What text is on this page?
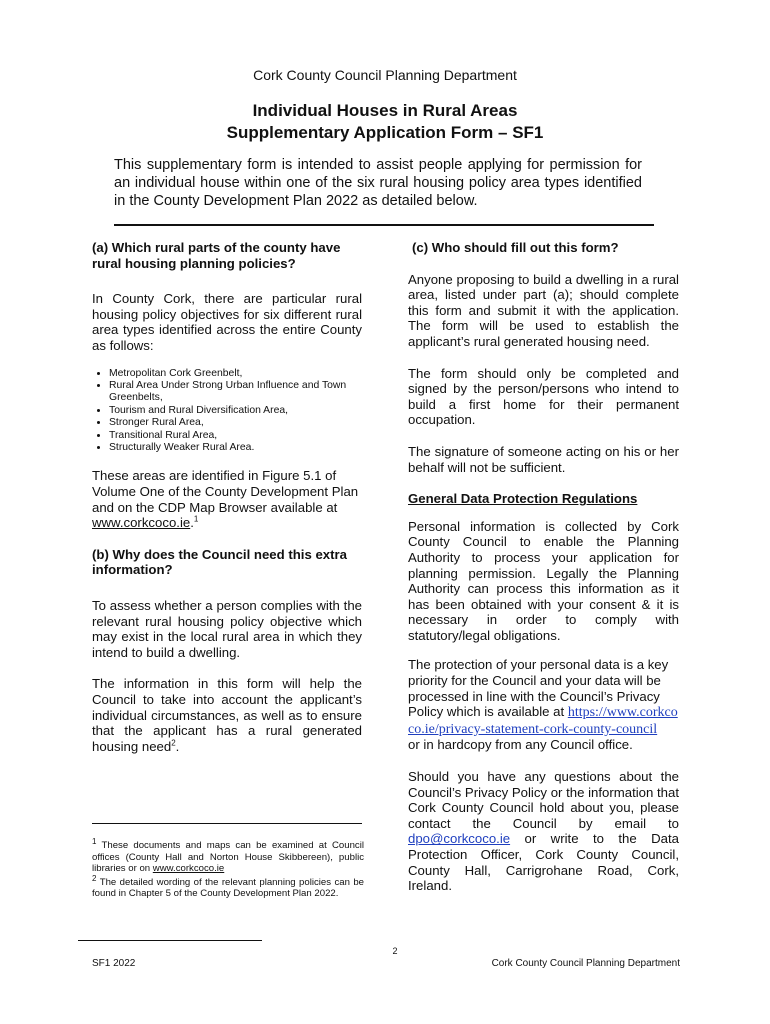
Cork County Council Planning Department
Individual Houses in Rural Areas
Supplementary Application Form – SF1
This supplementary form is intended to assist people applying for permission for an individual house within one of the six rural housing policy area types identified in the County Development Plan 2022 as detailed below.

(a) Which rural parts of the county have rural housing planning policies?

In County Cork, there are particular rural housing policy objectives for six different rural area types identified across the entire County as follows:

• Metropolitan Cork Greenbelt,
• Rural Area Under Strong Urban Influence and Town Greenbelts,
• Tourism and Rural Diversification Area,
• Stronger Rural Area,
• Transitional Rural Area,
• Structurally Weaker Rural Area.

These areas are identified in Figure 5.1 of Volume One of the County Development Plan and on the CDP Map Browser available at www.corkcoco.ie.$^1$

(b) Why does the Council need this extra information?

To assess whether a person complies with the relevant rural housing policy objective which may exist in the local rural area in which they intend to build a dwelling.

The information in this form will help the Council to take into account the applicant’s individual circumstances, as well as to ensure that the applicant has a rural generated housing need$^2$.

(c) Who should fill out this form?

Anyone proposing to build a dwelling in a rural area, listed under part (a); should complete this form and submit it with the application. The form will be used to establish the applicant’s rural generated housing need.

The form should only be completed and signed by the person/persons who intend to build a first home for their permanent occupation.

The signature of someone acting on his or her behalf will not be sufficient.

General Data Protection Regulations

Personal information is collected by Cork County Council to enable the Planning Authority to process your application for planning permission. Legally the Planning Authority can process this information as it has been obtained with your consent & it is necessary in order to comply with statutory/legal obligations.

The protection of your personal data is a key priority for the Council and your data will be processed in line with the Council’s Privacy Policy which is available at https://www.corkcoco.ie/privacy-statement-cork-county-council
or in hardcopy from any Council office.

Should you have any questions about the Council’s Privacy Policy or the information that Cork County Council hold about you, please contact the Council by email to dpo@corkcoco.ie or write to the Data Protection Officer, Cork County Council, County Hall, Carrigrohane Road, Cork, Ireland.

$^1$ These documents and maps can be examined at Council offices (County Hall and Norton House Skibbereen), public libraries or on www.corkcoco.ie

$^2$ The detailed wording of the relevant planning policies can be found in Chapter 5 of the County Development Plan 2022.

2
SF1 2022	Cork County Council Planning Department
